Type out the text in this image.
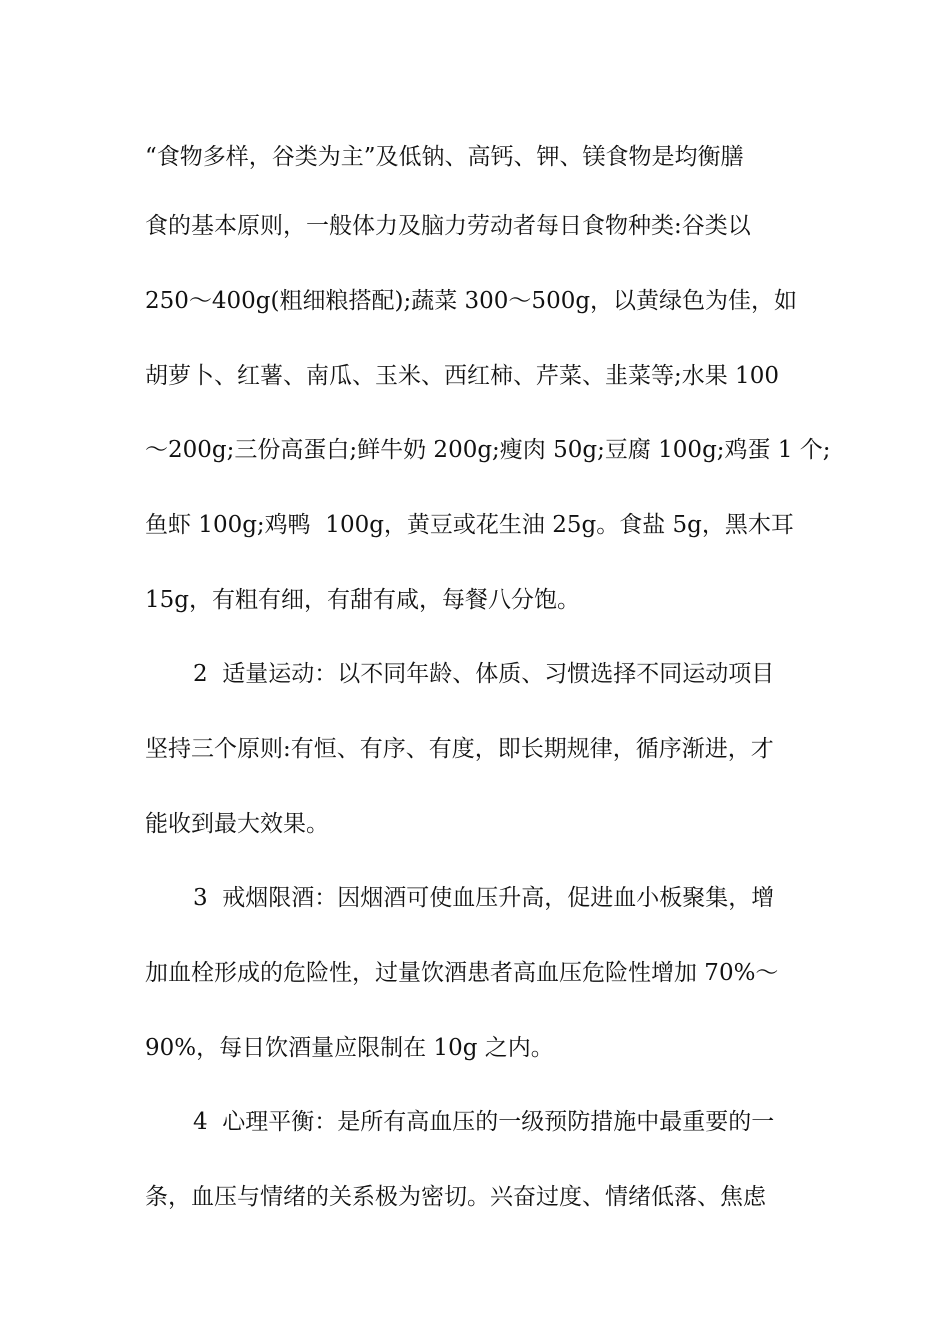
“食物多样，谷类为主”及低钠、高钙、钾、镁食物是均衡膳
食的基本原则，一般体力及脑力劳动者每日食物种类:谷类以
250～400g(粗细粮搭配);蔬菜 300～500g，以黄绿色为佳，如
胡萝卜、红薯、南瓜、玉米、西红柿、芹菜、韭菜等;水果 100
～200g;三份高蛋白;鲜牛奶 200g;瘦肉 50g;豆腐 100g;鸡蛋 1 个;
鱼虾 100g;鸡鸭  100g，黄豆或花生油 25g。食盐 5g，黑木耳
15g，有粗有细，有甜有咸，每餐八分饱。
2  适量运动：以不同年龄、体质、习惯选择不同运动项目
坚持三个原则:有恒、有序、有度，即长期规律，循序渐进，才
能收到最大效果。
3  戒烟限酒：因烟酒可使血压升高，促进血小板聚集，增
加血栓形成的危险性，过量饮酒患者高血压危险性增加 70%～
90%，每日饮酒量应限制在 10g 之内。
4  心理平衡：是所有高血压的一级预防措施中最重要的一
条，血压与情绪的关系极为密切。兴奋过度、情绪低落、焦虑
